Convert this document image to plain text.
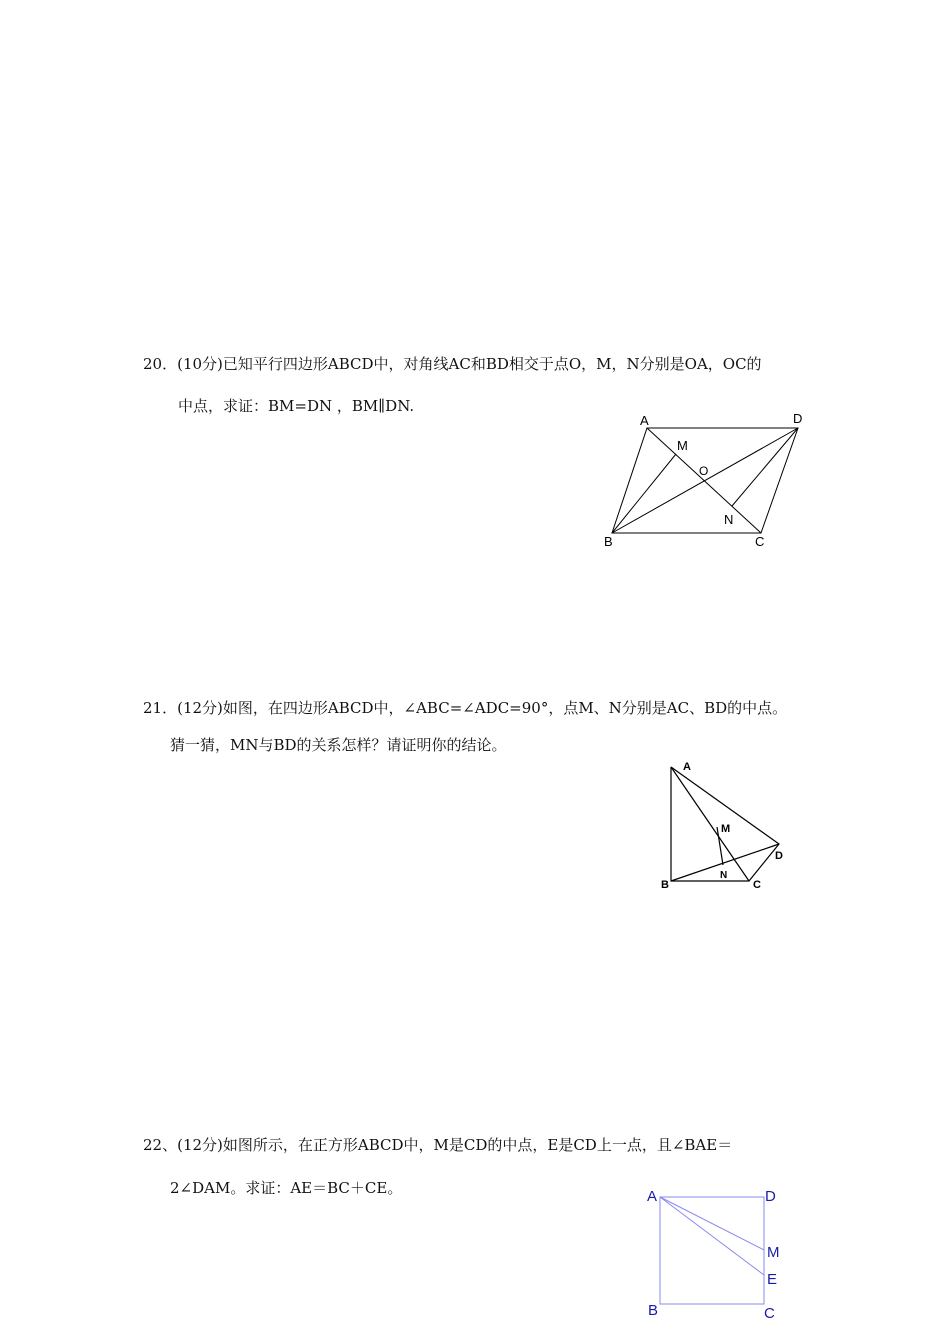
20．(10分)已知平行四边形ABCD中，对角线AC和BD相交于点O，M，N分别是OA，OC的
中点，求证：BM=DN ，BM∥DN.
A	D
M
O
N
B	C
21．(12分)如图，在四边形ABCD中，∠ABC=∠ADC=90°，点M、N分别是AC、BD的中点。
猜一猜，MN与BD的关系怎样？请证明你的结论。
A
M
D
N
B	C
22、(12分)如图所示，在正方形ABCD中，M是CD的中点，E是CD上一点，且∠BAE＝
2∠DAM。求证：AE＝BC＋CE。	A	D
M
E
B	C
